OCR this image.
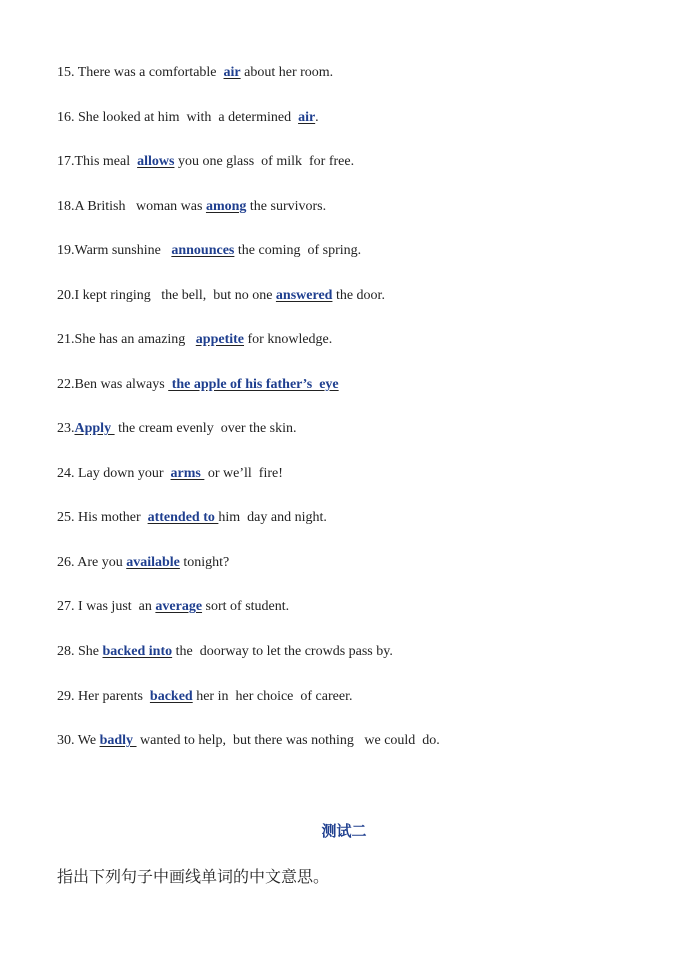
15. There was a comfortable  air about her room.
16. She looked at him  with  a determined  air.
17.This meal  allows you one glass  of milk  for free.
18.A British   woman was among the survivors.
19.Warm sunshine   announces the coming  of spring.
20.I kept ringing   the bell,  but no one answered the door.
21.She has an amazing   appetite for knowledge.
22.Ben was always  the apple of his father’s  eye
23.Apply  the cream evenly  over the skin.
24. Lay down your  arms  or we’ll  fire!
25. His mother  attended to him  day and night.
26. Are you available tonight?
27. I was just  an average sort of student.
28. She backed into the  doorway to let the crowds pass by.
29. Her parents  backed her in  her choice  of career.
30. We badly  wanted to help,  but there was nothing   we could  do.
测试二
指出下列句子中画线单词的中文意思。
